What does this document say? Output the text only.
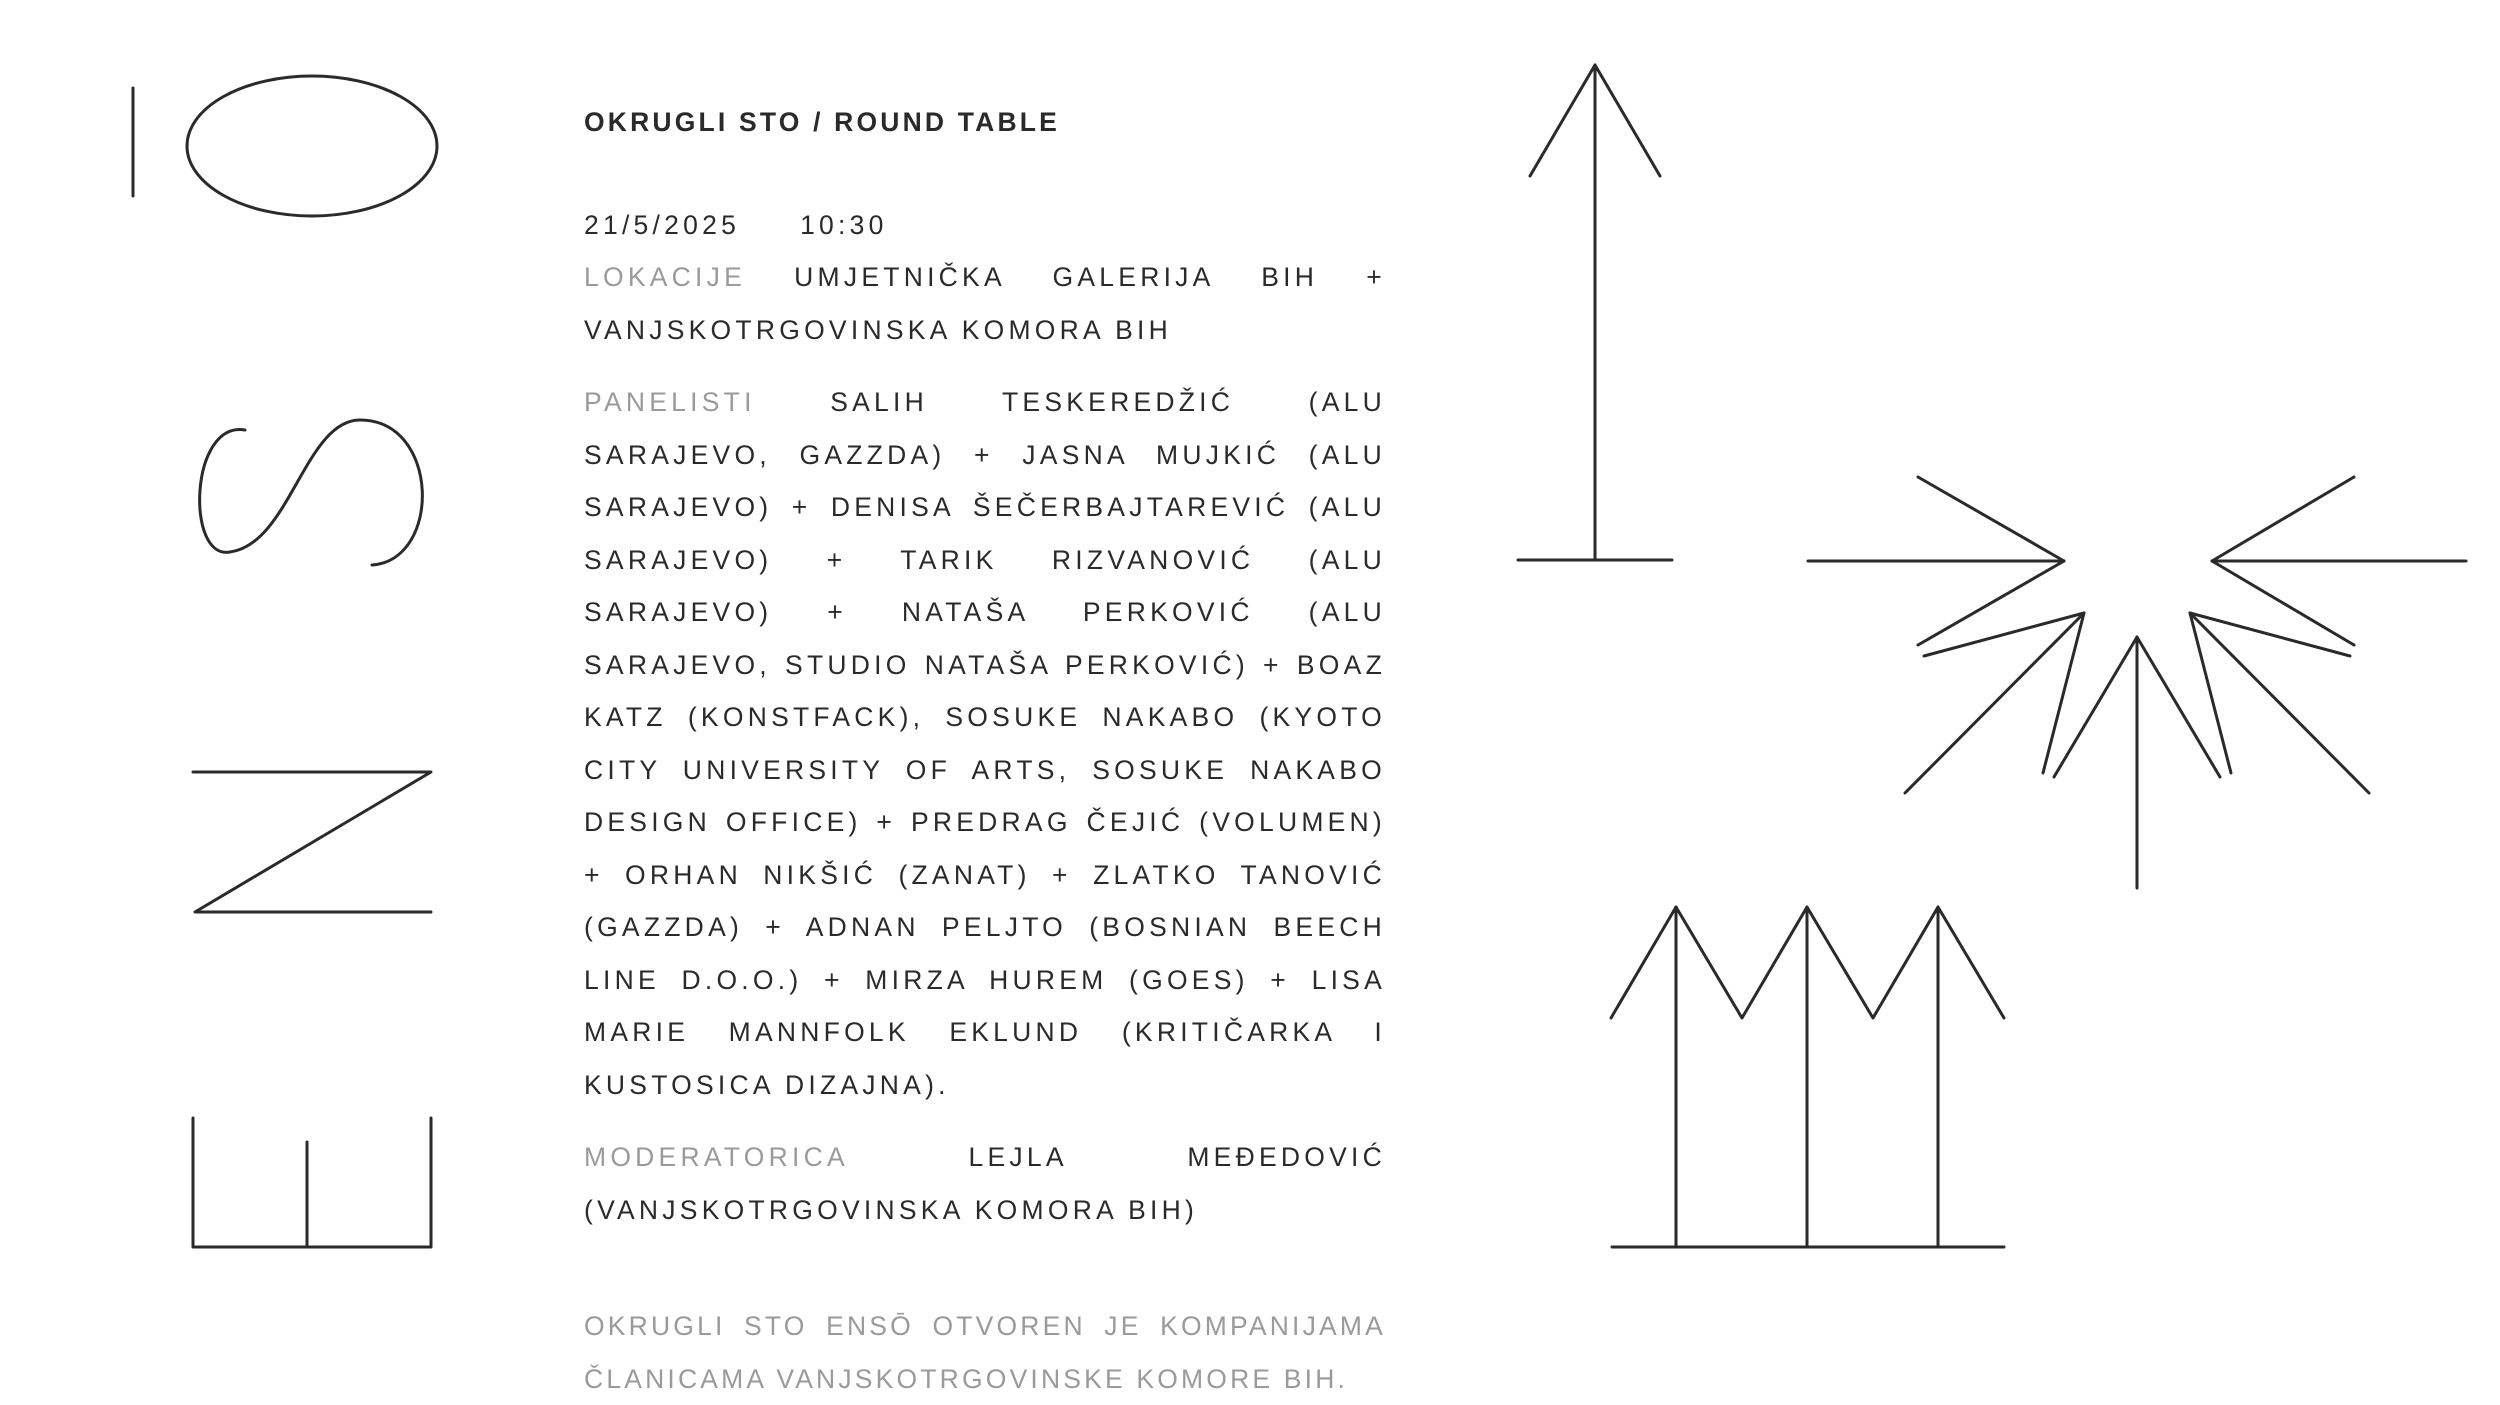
OKRUGLI STO / ROUND TABLE

21/5/2025 10:30
LOKACIJE UMJETNIČKA GALERIJA BIH + VANJSKOTRGOVINSKA KOMORA BIH
PANELISTI	SALIH TESKEREDŽIĆ (ALU SARAJEVO, GAZZDA) + JASNA MUJKIĆ (ALU SARAJEVO) + DENISA ŠEČERBAJTAREVIĆ (ALU SARAJEVO) + TARIK RIZVANOVIĆ (ALU SARAJEVO) + NATAŠA PERKOVIĆ (ALU SARAJEVO, STUDIO NATAŠA PERKOVIĆ) + BOAZ KATZ (KONSTFACK), SOSUKE NAKABO (KYOTO CITY UNIVERSITY OF ARTS, SOSUKE NAKABO DESIGN OFFICE) + PREDRAG ČEJIĆ (VOLUMEN) + ORHAN NIKŠIĆ (ZANAT) + ZLATKO TANOVIĆ (GAZZDA) + ADNAN PELJTO (BOSNIAN BEECH LINE D.O.O.) + MIRZA HUREM (GOES) + LISA MARIE MANNFOLK EKLUND (KRITIČARKA I KUSTOSICA DIZAJNA).
MODERATORICA	LEJLA MEĐEDOVIĆ (VANJSKOTRGOVINSKA KOMORA BIH)
OKRUGLI STO ENSŌ OTVOREN JE KOMPANIJAMA ČLANICAMA VANJSKOTRGOVINSKE KOMORE BIH.
